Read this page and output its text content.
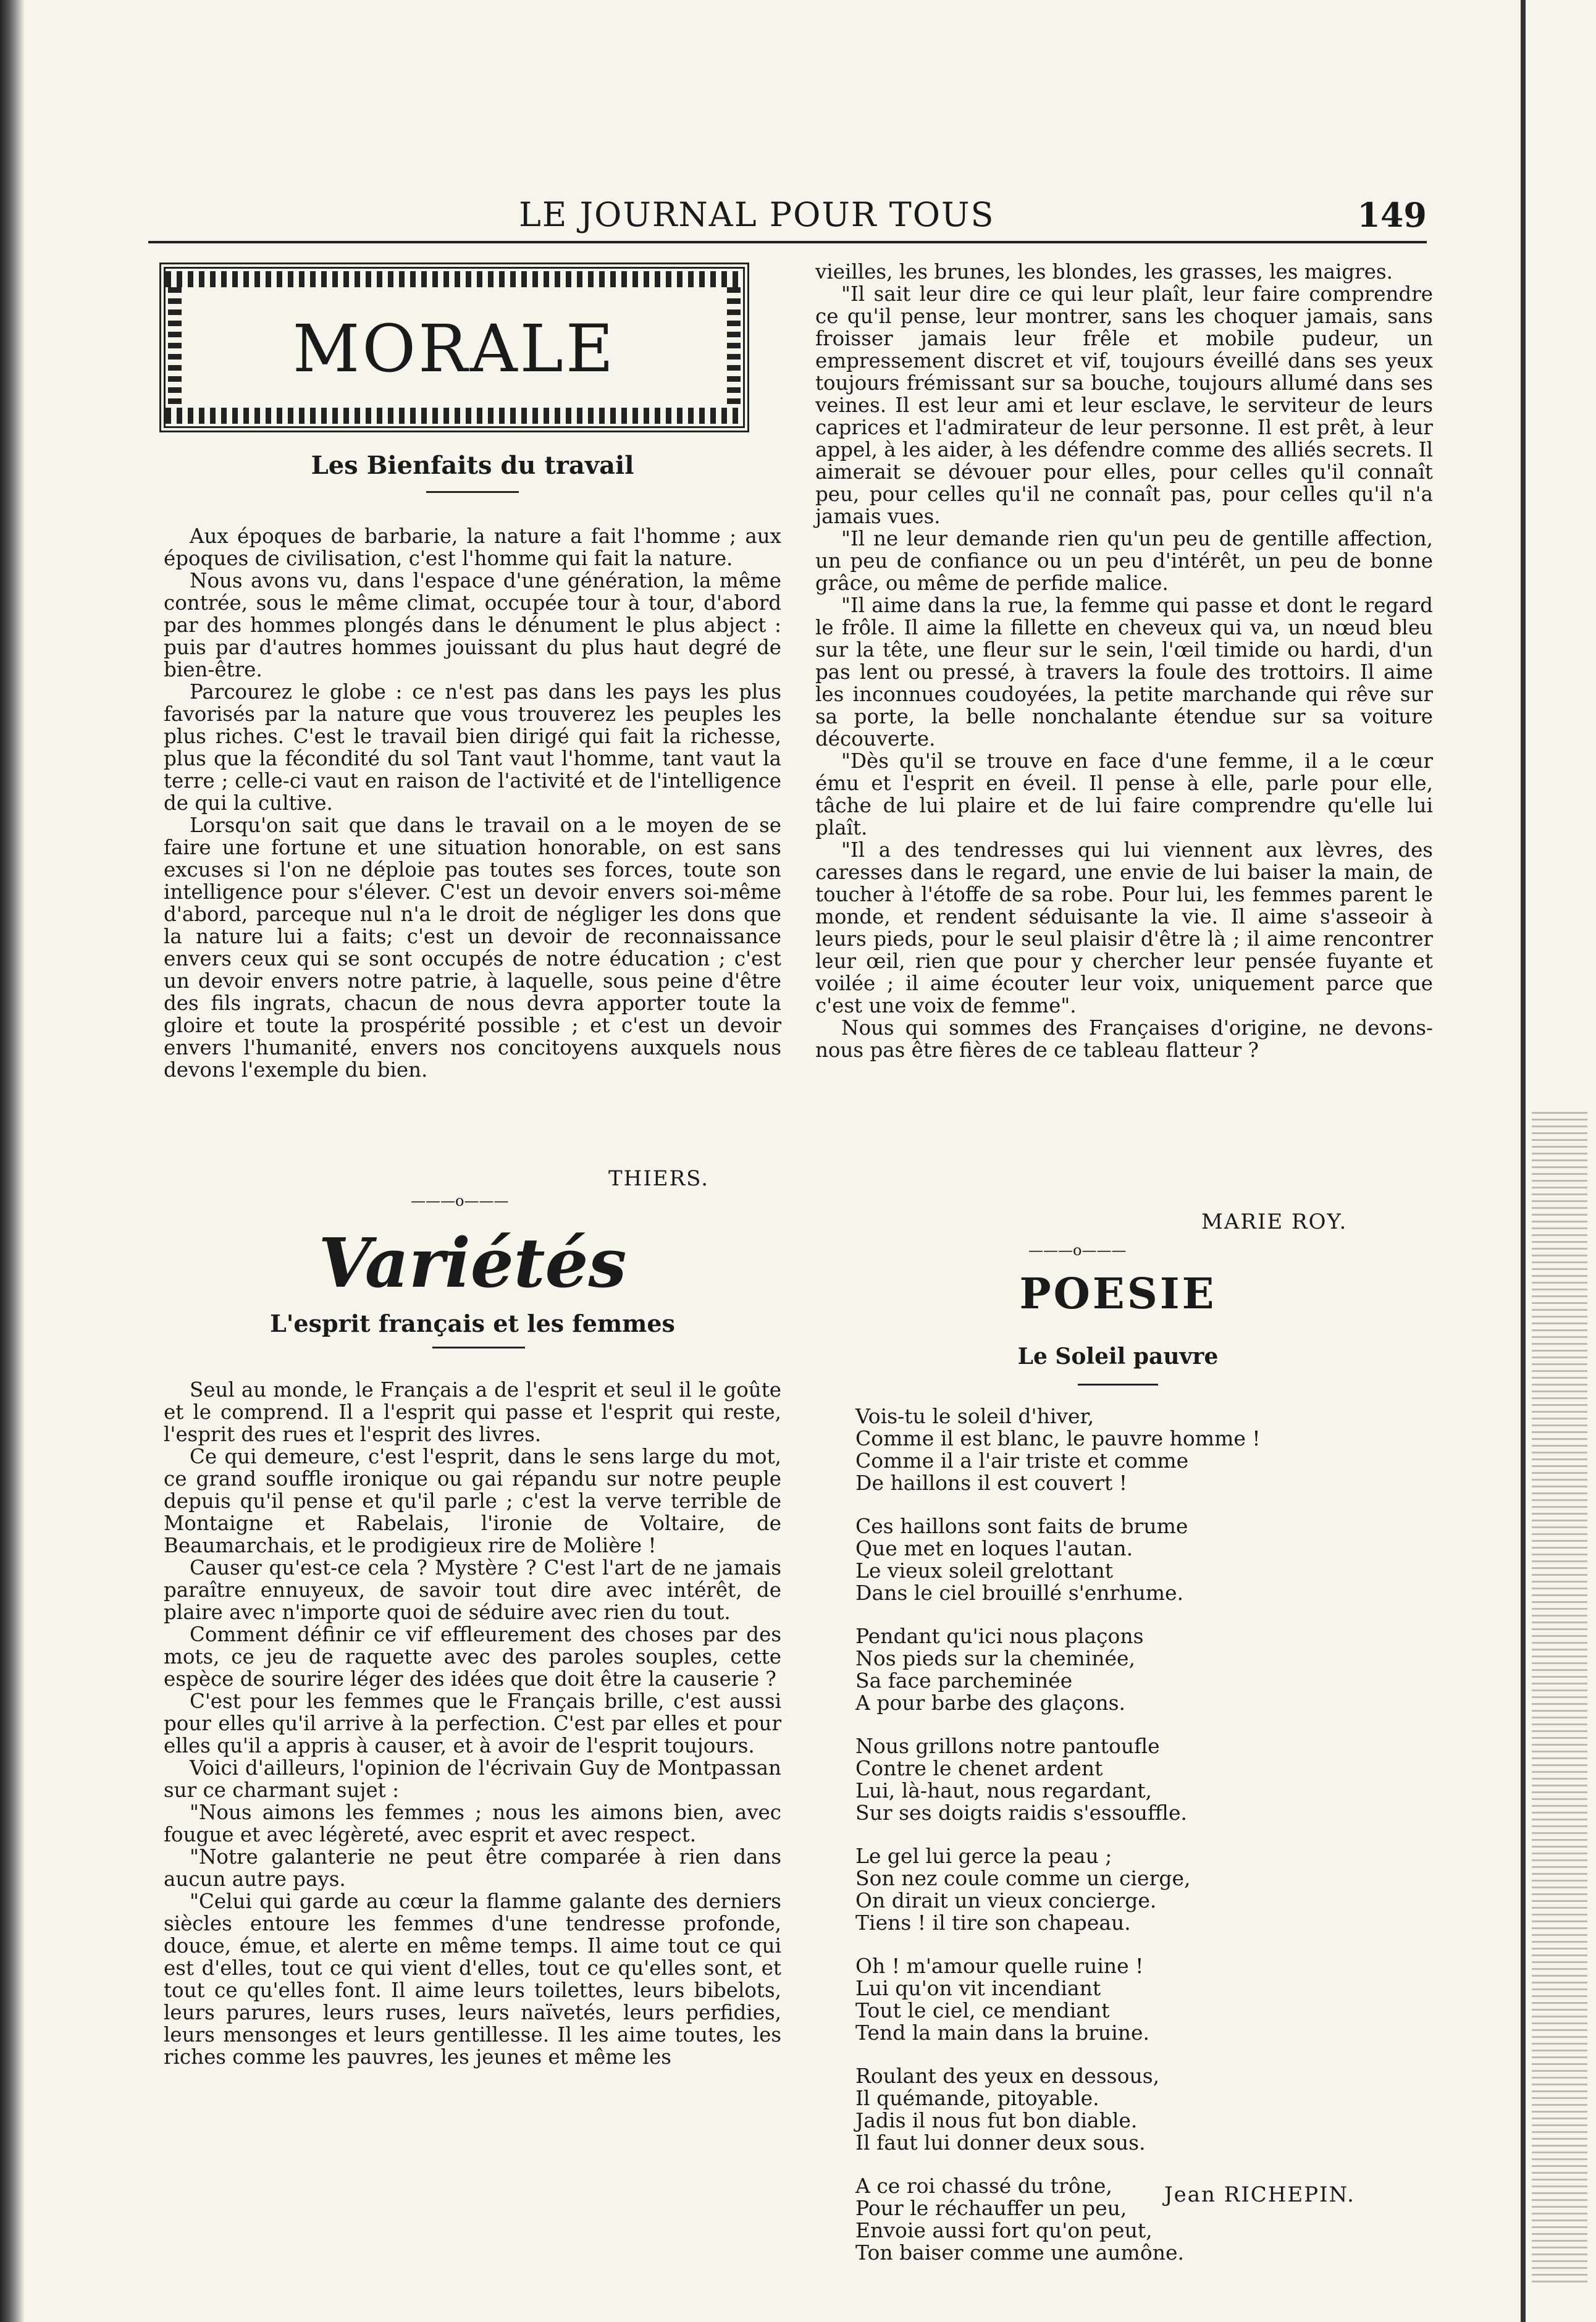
LE JOURNAL POUR TOUS	149
MORALE
Les Bienfaits du travail

Aux époques de barbarie, la nature a fait l'homme ; aux époques de civilisation, c'est l'homme qui fait la nature.

Nous avons vu, dans l'espace d'une génération, la même contrée, sous le même climat, occupée tour à tour, d'abord par des hommes plongés dans le dénument le plus abject : puis par d'autres hommes jouissant du plus haut degré de bien-être.

Parcourez le globe : ce n'est pas dans les pays les plus favorisés par la nature que vous trouverez les peuples les plus riches. C'est le travail bien dirigé qui fait la richesse, plus que la fécondité du sol Tant vaut l'homme, tant vaut la terre ; celle-ci vaut en raison de l'activité et de l'intelligence de qui la cultive.

Lorsqu'on sait que dans le travail on a le moyen de se faire une fortune et une situation honorable, on est sans excuses si l'on ne déploie pas toutes ses forces, toute son intelligence pour s'élever. C'est un devoir envers soi-même d'abord, parceque nul n'a le droit de négliger les dons que la nature lui a faits; c'est un devoir de reconnaissance envers ceux qui se sont occupés de notre éducation ; c'est un devoir envers notre patrie, à laquelle, sous peine d'être des fils ingrats, chacun de nous devra apporter toute la gloire et toute la prospérité possible ; et c'est un devoir envers l'humanité, envers nos concitoyens auxquels nous devons l'exemple du bien.

THIERS.
———o———
Variétés
L'esprit français et les femmes

Seul au monde, le Français a de l'esprit et seul il le goûte et le comprend. Il a l'esprit qui passe et l'esprit qui reste, l'esprit des rues et l'esprit des livres.

Ce qui demeure, c'est l'esprit, dans le sens large du mot, ce grand souffle ironique ou gai répandu sur notre peuple depuis qu'il pense et qu'il parle ; c'est la verve terrible de Montaigne et Rabelais, l'ironie de Voltaire, de Beaumarchais, et le prodigieux rire de Molière !

Causer qu'est-ce cela ? Mystère ? C'est l'art de ne jamais paraître ennuyeux, de savoir tout dire avec intérêt, de plaire avec n'importe quoi de séduire avec rien du tout.

Comment définir ce vif effleurement des choses par des mots, ce jeu de raquette avec des paroles souples, cette espèce de sourire léger des idées que doit être la causerie ?

C'est pour les femmes que le Français brille, c'est aussi pour elles qu'il arrive à la perfection. C'est par elles et pour elles qu'il a appris à causer, et à avoir de l'esprit toujours.

Voici d'ailleurs, l'opinion de l'écrivain Guy de Montpassan sur ce charmant sujet :

"Nous aimons les femmes ; nous les aimons bien, avec fougue et avec légèreté, avec esprit et avec respect.

"Notre galanterie ne peut être comparée à rien dans aucun autre pays.

"Celui qui garde au cœur la flamme galante des derniers siècles entoure les femmes d'une tendresse profonde, douce, émue, et alerte en même temps. Il aime tout ce qui est d'elles, tout ce qui vient d'elles, tout ce qu'elles sont, et tout ce qu'elles font. Il aime leurs toilettes, leurs bibelots, leurs parures, leurs ruses, leurs naïvetés, leurs perfidies, leurs mensonges et leurs gentillesse. Il les aime toutes, les riches comme les pauvres, les jeunes et même les

vieilles, les brunes, les blondes, les grasses, les maigres.

"Il sait leur dire ce qui leur plaît, leur faire comprendre ce qu'il pense, leur montrer, sans les choquer jamais, sans froisser jamais leur frêle et mobile pudeur, un empressement discret et vif, toujours éveillé dans ses yeux toujours frémissant sur sa bouche, toujours allumé dans ses veines. Il est leur ami et leur esclave, le serviteur de leurs caprices et l'admirateur de leur personne. Il est prêt, à leur appel, à les aider, à les défendre comme des alliés secrets. Il aimerait se dévouer pour elles, pour celles qu'il connaît peu, pour celles qu'il ne connaît pas, pour celles qu'il n'a jamais vues.

"Il ne leur demande rien qu'un peu de gentille affection, un peu de confiance ou un peu d'intérêt, un peu de bonne grâce, ou même de perfide malice.

"Il aime dans la rue, la femme qui passe et dont le regard le frôle. Il aime la fillette en cheveux qui va, un nœud bleu sur la tête, une fleur sur le sein, l'œil timide ou hardi, d'un pas lent ou pressé, à travers la foule des trottoirs. Il aime les inconnues coudoyées, la petite marchande qui rêve sur sa porte, la belle nonchalante étendue sur sa voiture découverte.

"Dès qu'il se trouve en face d'une femme, il a le cœur ému et l'esprit en éveil. Il pense à elle, parle pour elle, tâche de lui plaire et de lui faire comprendre qu'elle lui plaît.

"Il a des tendresses qui lui viennent aux lèvres, des caresses dans le regard, une envie de lui baiser la main, de toucher à l'étoffe de sa robe. Pour lui, les femmes parent le monde, et rendent séduisante la vie. Il aime s'asseoir à leurs pieds, pour le seul plaisir d'être là ; il aime rencontrer leur œil, rien que pour y chercher leur pensée fuyante et voilée ; il aime écouter leur voix, uniquement parce que c'est une voix de femme".

Nous qui sommes des Françaises d'origine, ne devons-nous pas être fières de ce tableau flatteur ?

MARIE ROY.
———o———
POESIE
Le Soleil pauvre
Vois-tu le soleil d'hiver,
Comme il est blanc, le pauvre homme !
Comme il a l'air triste et comme
De haillons il est couvert !
Ces haillons sont faits de brume
Que met en loques l'autan.
Le vieux soleil grelottant
Dans le ciel brouillé s'enrhume.
Pendant qu'ici nous plaçons
Nos pieds sur la cheminée,
Sa face parcheminée
A pour barbe des glaçons.
Nous grillons notre pantoufle
Contre le chenet ardent
Lui, là-haut, nous regardant,
Sur ses doigts raidis s'essouffle.
Le gel lui gerce la peau ;
Son nez coule comme un cierge,
On dirait un vieux concierge.
Tiens ! il tire son chapeau.
Oh ! m'amour quelle ruine !
Lui qu'on vit incendiant
Tout le ciel, ce mendiant
Tend la main dans la bruine.
Roulant des yeux en dessous,
Il quémande, pitoyable.
Jadis il nous fut bon diable.
Il faut lui donner deux sous.
A ce roi chassé du trône,
Pour le réchauffer un peu,
Envoie aussi fort qu'on peut,
Ton baiser comme une aumône.
Jean RICHEPIN.
